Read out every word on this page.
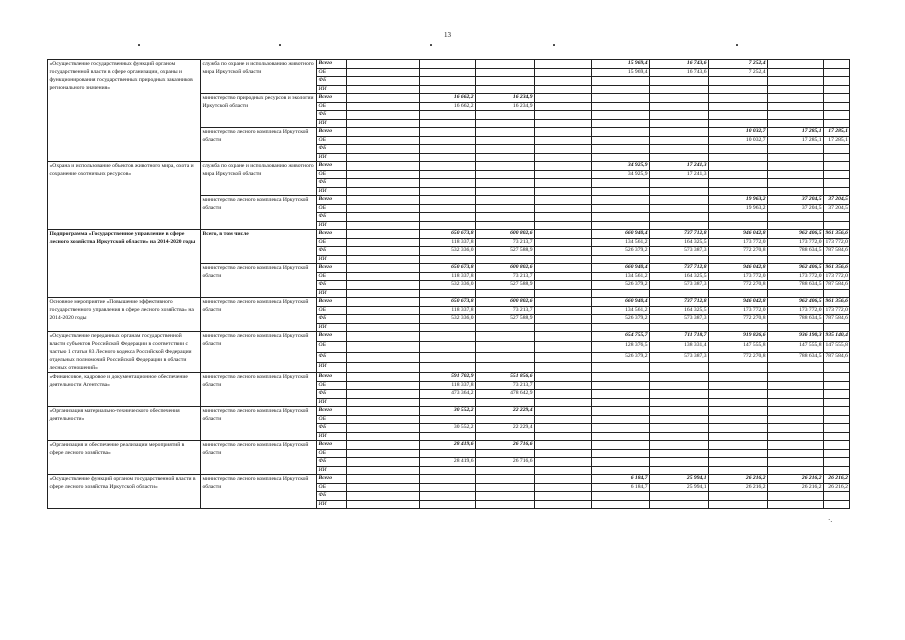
13
«Осуществление государственных функций органом государственной власти в сфере организации, охраны и функционирования государственных природных заказников регионального значения»	служба по охране и использованию животного мира Иркутской области	Всего					15 969,4	16 743,6	7 252,4		
		ОБ					15 969,4	16 743,6	7 252,4		
		ФБ									
		ИИ									
	министерство природных ресурсов и экологии Иркутской области	Всего		16 662,2	16 234,9						
		ОБ		16 662,2	16 234,9						
		ФБ									
		ИИ									
	министерство лесного комплекса Иркутской области	Всего							10 032,7	17 285,1	17 285,1
		ОБ							10 032,7	17 285,1	17 285,1
		ФБ									
		ИИ									
«Охрана и использование объектов животного мира, охота и сохранение охотничьих ресурсов»	служба по охране и использованию животного мира Иркутской области	Всего					34 925,9	17 241,3			
		ОБ					34 925,9	17 241,3			
		ФБ									
		ИИ									
	министерство лесного комплекса Иркутской области	Всего							19 963,2	37 204,5	37 204,5
		ОБ							19 963,2	37 204,5	37 204,5
		ФБ									
		ИИ									
Подпрограмма «Государственное управление в сфере лесного хозяйства Иркутской области» на 2014-2020 годы	Всего, в том числе	Всего		650 673,8	600 802,6		660 940,4	737 712,8	946 042,8	962 406,5	961 356,6
		ОБ		118 337,8	73 213,7		134 561,2	164 325,5	173 772,0	173 772,0	173 772,0
		ФБ		532 336,0	527 588,9		526 379,2	573 387,3	772 270,8	788 634,5	787 584,6
		ИИ									
	министерство лесного комплекса Иркутской области	Всего		650 673,8	600 802,6		660 940,4	737 712,8	946 042,8	962 406,5	961 356,6
		ОБ		118 337,8	73 213,7		134 561,2	164 325,5	173 772,0	173 772,0	173 772,0
		ФБ		532 336,0	527 588,9		526 379,2	573 387,3	772 270,8	788 634,5	787 584,6
		ИИ									
Основное мероприятие «Повышение эффективного государственного управления в сфере лесного хозяйства» на 2014-2020 годы	министерство лесного комплекса Иркутской области	Всего		650 673,8	600 802,6		660 940,4	737 712,8	946 042,8	962 406,5	961 356,6
		ОБ		118 337,8	73 213,7		134 561,2	164 325,5	173 772,0	173 772,0	173 772,0
		ФБ		532 336,0	527 588,9		526 379,2	573 387,3	772 270,8	788 634,5	787 584,6
		ИИ									
«Осуществление переданных органам государственной власти субъектов Российской Федерации в соответствии с частью 1 статьи 83 Лесного кодекса Российской Федерации отдельных полномочий Российской Федерации в области лесных отношений»	министерство лесного комплекса Иркутской области	Всего					654 755,7	711 718,7	919 826,6	936 190,3	935 140,4
		ОБ					128 376,5	138 331,4	147 555,8	147 555,8	147 555,8
		ФБ					526 379,2	573 387,3	772 270,8	788 634,5	787 584,6
		ИИ									
«Финансовое, кадровое и документационное обеспечение деятельности Агентства»	министерство лесного комплекса Иркутской области	Всего		591 702,9	551 856,6						
		ОБ		118 337,8	73 213,7						
		ФБ		473 364,2	478 642,9						
		ИИ									
«Организация материально-технического обеспечения деятельности»	министерство лесного комплекса Иркутской области	Всего		30 552,2	22 229,4						
		ОБ									
		ФБ		30 552,2	22 229,4						
		ИИ									
«Организация и обеспечение реализации мероприятий в сфере лесного хозяйства»	министерство лесного комплекса Иркутской области	Всего		28 419,6	26 716,6						
		ОБ									
		ФБ		28 419,6	26 716,6						
		ИИ									
«Осуществление функций органом государственной власти в сфере лесного хозяйства Иркутской области»	министерство лесного комплекса Иркутской области	Всего					6 184,7	25 994,1	26 216,2	26 216,2	26 216,2
		ОБ					6 184,7	25 994,1	26 216,2	26 216,2	26 216,2
		ФБ									
		ИИ									
·.
